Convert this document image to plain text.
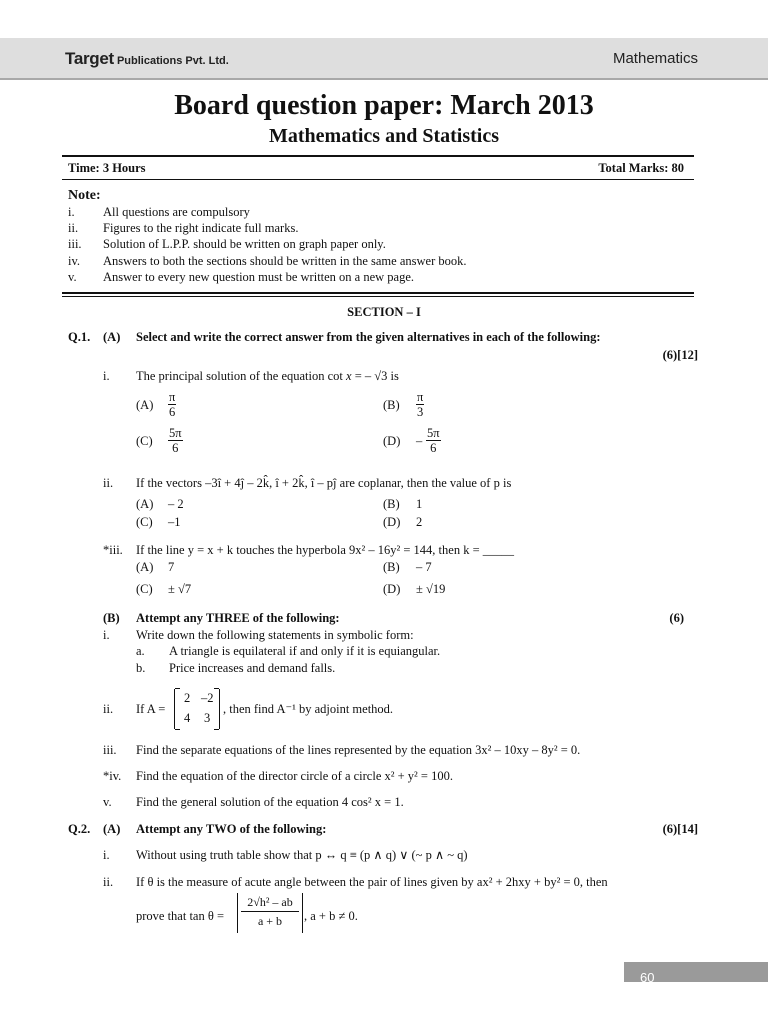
Target Publications Pvt. Ltd.	Mathematics
Board question paper: March 2013
Mathematics and Statistics
Time: 3 Hours	Total Marks: 80
Note:
i. All questions are compulsory
ii. Figures to the right indicate full marks.
iii. Solution of L.P.P. should be written on graph paper only.
iv. Answers to both the sections should be written in the same answer book.
v. Answer to every new question must be written on a new page.
SECTION – I
Q.1. (A) Select and write the correct answer from the given alternatives in each of the following:
(6)[12]
i. The principal solution of the equation cot x = – √3 is
$(A) \frac{\pi}{6}$	$(B) \frac{\pi}{3}$
$(C) \frac{5\pi}{6}$	$(D) - \frac{5\pi}{6}$
ii. If the vectors –3î + 4ĵ – 2k̂, î + 2k̂, î – pĵ are coplanar, then the value of p is
(A) – 2	(B) 1
(C) –1	(D) 2
*iii. If the line y = x + k touches the hyperbola 9x² – 16y² = 144, then k = _____
(A) 7	(B) – 7
(C) ± √7	(D) ± √19
(B) Attempt any THREE of the following:	(6)
i. Write down the following statements in symbolic form:
a. A triangle is equilateral if and only if it is equiangular.
b. Price increases and demand falls.
ii. If A =
2 –2
4 3
, then find A⁻¹ by adjoint method.
iii. Find the separate equations of the lines represented by the equation 3x² – 10xy – 8y² = 0.
*iv. Find the equation of the director circle of a circle x² + y² = 100.
v. Find the general solution of the equation 4 cos² x = 1.
Q.2. (A) Attempt any TWO of the following:	(6)[14]
i. Without using truth table show that p ↔ q ≡ (p ∧ q) ∨ (~ p ∧ ~ q)
ii. If θ is the measure of acute angle between the pair of lines given by ax² + 2hxy + by² = 0, then
prove that $\tan \theta = \frac{\text{2√h² – ab}}{a + b}$ , a + b ≠ 0.
60
